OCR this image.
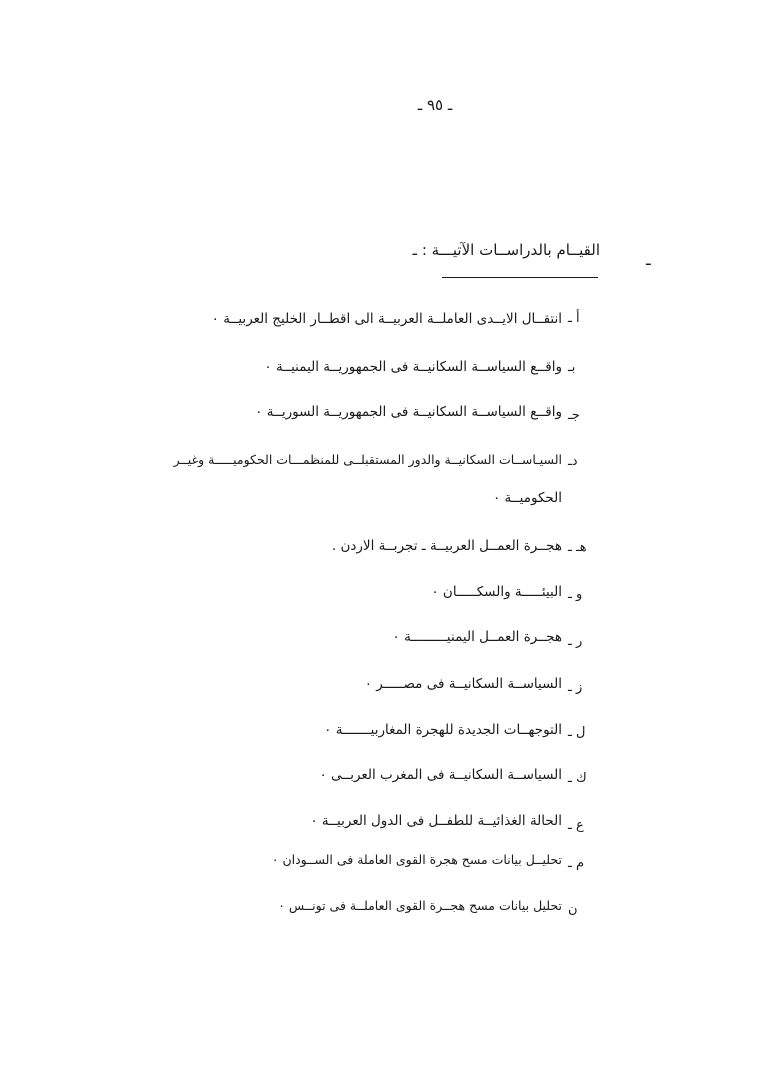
ـ ٩٥ ـ
ـ
القيــام بالدراســات الآتيـــة : ـ
أ ـ
انتقــال الايــدى العاملــة العربيــة الى اقطــار الخليج العربيــة ٠
بـ
واقــع السياســة السكانيــة فى الجمهوريــة اليمنيــة ٠
جـ
واقــع السياســة السكانيــة فى الجمهوريــة السوريــة ٠
دـ
السيـاســات السكانيــة والدور المستقبلــى للمنظمـــات الحكوميـــــة وغيــر
الحكوميــة ٠
هـ ـ
هجــرة العمــل العربيــة ـ تجربــة الاردن .
و ـ
البيئـــــة والسكـــــان ٠
ر ـ
هجــرة العمــل اليمنيـــــــــة ٠
ز ـ
السياســة السكانيــة فى مصـــــر ٠
ل ـ
التوجهــات الجديدة للهجرة المغاربيـــــــة ٠
ك ـ
السياســة السكانيــة فى المغرب العربــى ٠
ع ـ
الحالة الغذائيــة للطفــل فى الدول العربيــة ٠
م ـ
تحليــل بيانات مسح هجرة القوى العاملة فى الســودان ٠
ن
تحليل بيانات مسح هجــرة القوى العاملــة فى تونــس ٠
